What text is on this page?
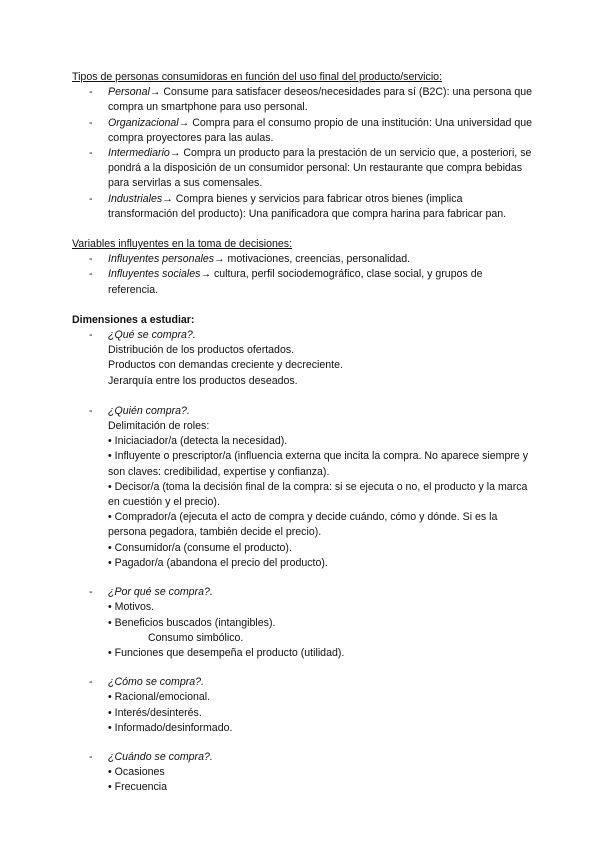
Tipos de personas consumidoras en función del uso final del producto/servicio:

- Personal→ Consume para satisfacer deseos/necesidades para sí (B2C): una persona que compra un smartphone para uso personal.
- Organizacional→ Compra para el consumo propio de una institución: Una universidad que compra proyectores para las aulas.
- Intermediario→ Compra un producto para la prestación de un servicio que, a posteriori, se pondrá a la disposición de un consumidor personal: Un restaurante que compra bebidas para servirlas a sus comensales.
- Industriales→ Compra bienes y servicios para fabricar otros bienes (implica transformación del producto): Una panificadora que compra harina para fabricar pan.

Variables influyentes en la toma de decisiones:

- Influyentes personales→ motivaciones, creencias, personalidad.
- Influyentes sociales→ cultura, perfil sociodemográfico, clase social, y grupos de referencia.

Dimensiones a estudiar:

- ¿Qué se compra?.
Distribución de los productos ofertados.
Productos con demandas creciente y decreciente.
Jerarquía entre los productos deseados.
- ¿Quién compra?.
Delimitación de roles:
• Iniciaciador/a (detecta la necesidad).
• Influyente o prescriptor/a (influencia externa que incita la compra. No aparece siempre y son claves: credibilidad, expertise y confianza).
• Decisor/a (toma la decisión final de la compra: si se ejecuta o no, el producto y la marca en cuestión y el precio).
• Comprador/a (ejecuta el acto de compra y decide cuándo, cómo y dónde. Si es la persona pegadora, también decide el precio).
• Consumidor/a (consume el producto).
• Pagador/a (abandona el precio del producto).
- ¿Por qué se compra?.
• Motivos.
• Beneficios buscados (intangibles).
Consumo simbólico.
• Funciones que desempeña el producto (utilidad).
- ¿Cómo se compra?.
• Racional/emocional.
• Interés/desinterés.
• Informado/desinformado.
- ¿Cuándo se compra?.
• Ocasiones
• Frecuencia
